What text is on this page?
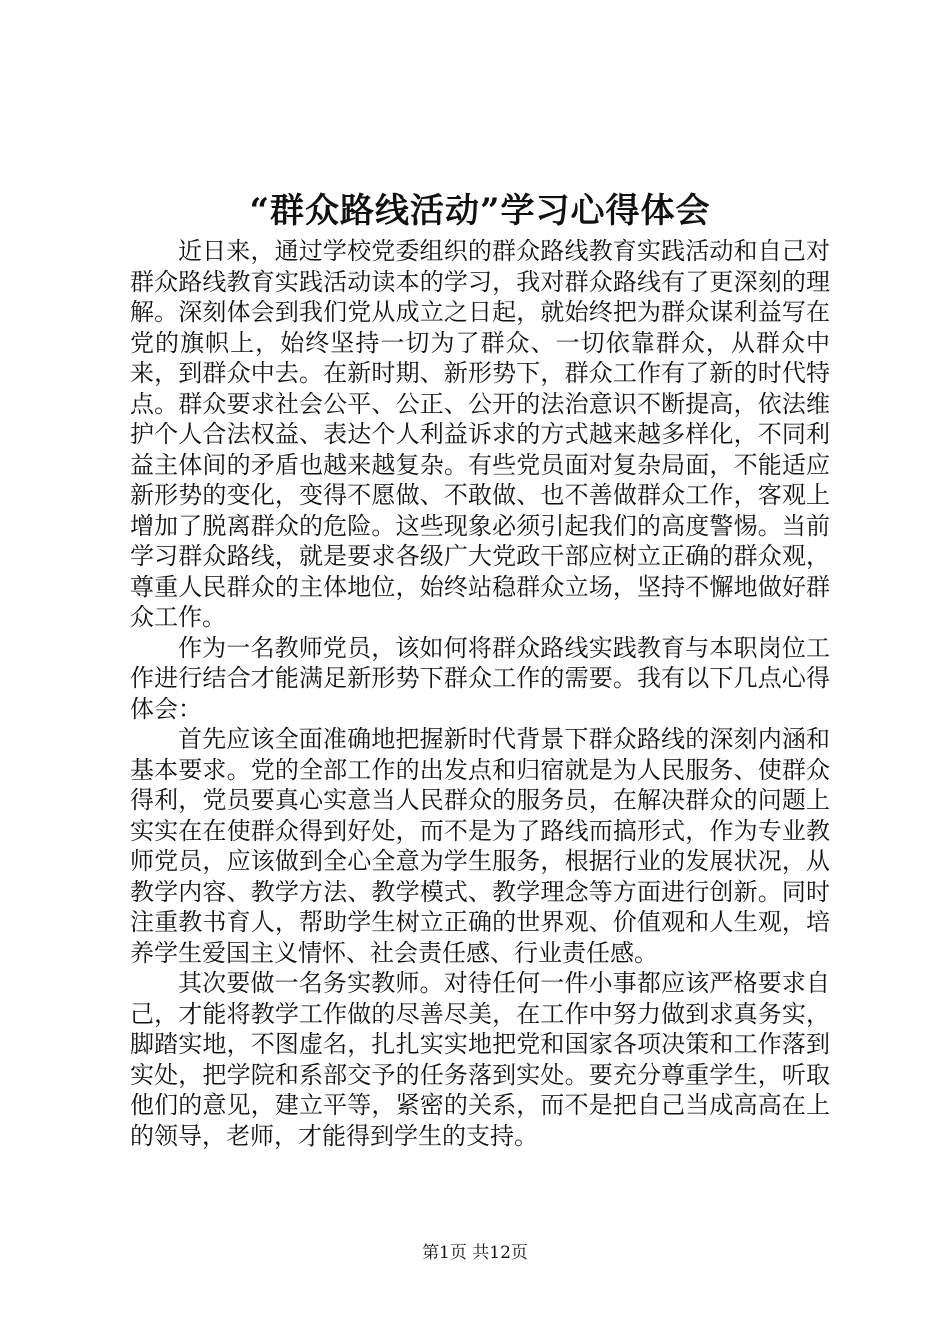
“群众路线活动”学习心得体会

近日来，通过学校党委组织的群众路线教育实践活动和自己对群众路线教育实践活动读本的学习，我对群众路线有了更深刻的理解。深刻体会到我们党从成立之日起，就始终把为群众谋利益写在党的旗帜上，始终坚持一切为了群众、一切依靠群众，从群众中来，到群众中去。在新时期、新形势下，群众工作有了新的时代特点。群众要求社会公平、公正、公开的法治意识不断提高，依法维护个人合法权益、表达个人利益诉求的方式越来越多样化，不同利益主体间的矛盾也越来越复杂。有些党员面对复杂局面，不能适应新形势的变化，变得不愿做、不敢做、也不善做群众工作，客观上增加了脱离群众的危险。这些现象必须引起我们的高度警惕。当前学习群众路线，就是要求各级广大党政干部应树立正确的群众观，尊重人民群众的主体地位，始终站稳群众立场，坚持不懈地做好群众工作。

作为一名教师党员，该如何将群众路线实践教育与本职岗位工作进行结合才能满足新形势下群众工作的需要。我有以下几点心得体会：

首先应该全面准确地把握新时代背景下群众路线的深刻内涵和基本要求。党的全部工作的出发点和归宿就是为人民服务、使群众得利，党员要真心实意当人民群众的服务员，在解决群众的问题上实实在在使群众得到好处，而不是为了路线而搞形式，作为专业教师党员，应该做到全心全意为学生服务，根据行业的发展状况，从教学内容、教学方法、教学模式、教学理念等方面进行创新。同时注重教书育人，帮助学生树立正确的世界观、价值观和人生观，培养学生爱国主义情怀、社会责任感、行业责任感。

其次要做一名务实教师。对待任何一件小事都应该严格要求自己，才能将教学工作做的尽善尽美，在工作中努力做到求真务实，脚踏实地，不图虚名，扎扎实实地把党和国家各项决策和工作落到实处，把学院和系部交予的任务落到实处。要充分尊重学生，听取他们的意见，建立平等，紧密的关系，而不是把自己当成高高在上的领导，老师，才能得到学生的支持。

第1页 共12页
